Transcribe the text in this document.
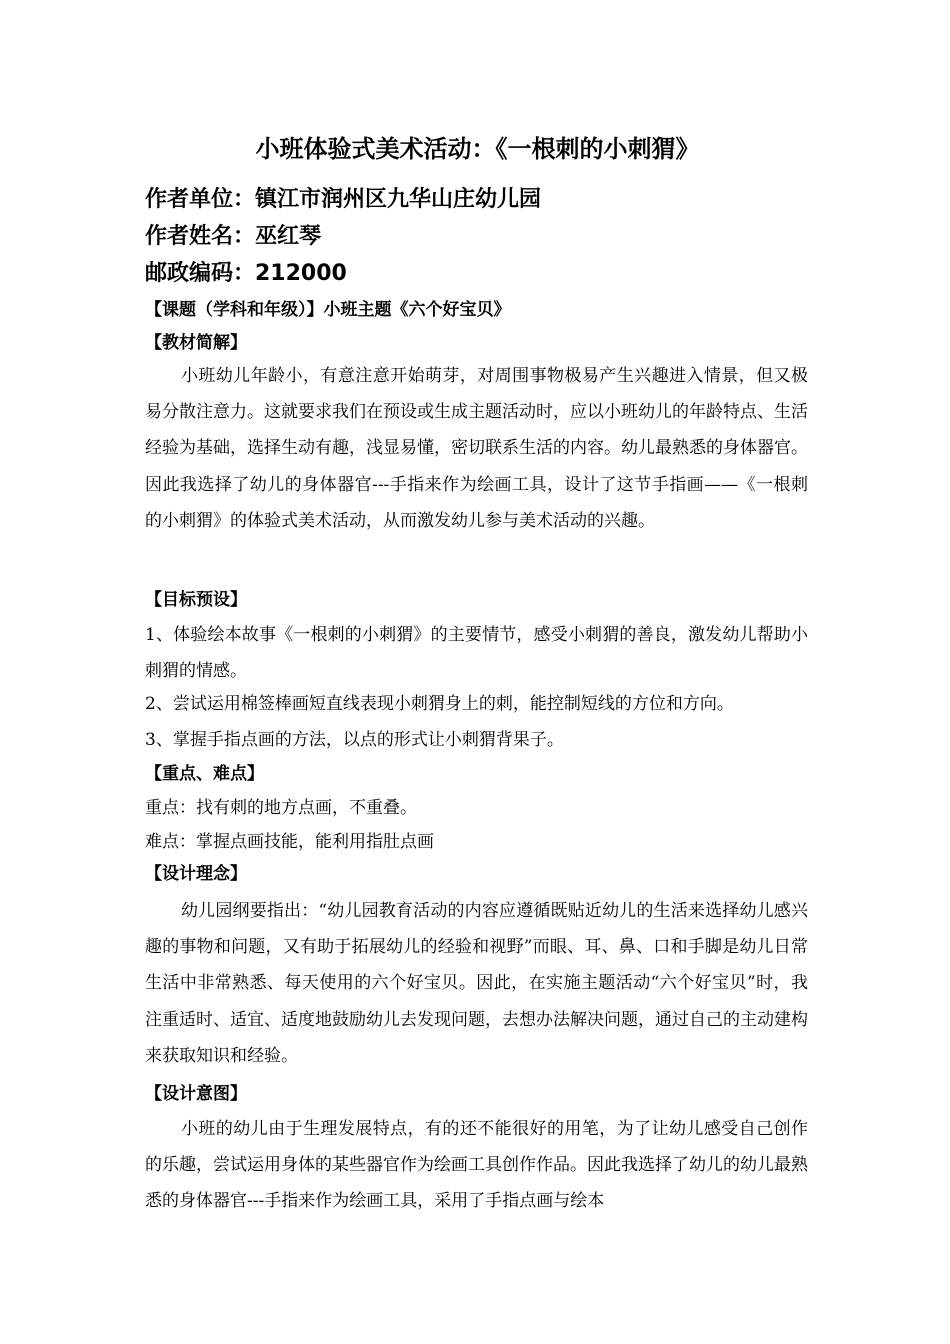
小班体验式美术活动：《一根刺的小刺猬》
作者单位：镇江市润州区九华山庄幼儿园
作者姓名：巫红琴
邮政编码：212000
【课题（学科和年级）】小班主题《六个好宝贝》
【教材简解】
小班幼儿年龄小，有意注意开始萌芽，对周围事物极易产生兴趣进入情景，但又极易分散注意力。这就要求我们在预设或生成主题活动时，应以小班幼儿的年龄特点、生活经验为基础，选择生动有趣，浅显易懂，密切联系生活的内容。幼儿最熟悉的身体器官。因此我选择了幼儿的身体器官---手指来作为绘画工具，设计了这节手指画——《一根刺的小刺猬》的体验式美术活动，从而激发幼儿参与美术活动的兴趣。
【目标预设】
1、体验绘本故事《一根刺的小刺猬》的主要情节，感受小刺猬的善良，激发幼儿帮助小刺猬的情感。
2、尝试运用棉签棒画短直线表现小刺猬身上的刺，能控制短线的方位和方向。
3、掌握手指点画的方法，以点的形式让小刺猬背果子。
【重点、难点】
重点：找有刺的地方点画，不重叠。
难点：掌握点画技能，能利用指肚点画
【设计理念】
幼儿园纲要指出：“幼儿园教育活动的内容应遵循既贴近幼儿的生活来选择幼儿感兴趣的事物和问题，又有助于拓展幼儿的经验和视野”而眼、耳、鼻、口和手脚是幼儿日常生活中非常熟悉、每天使用的六个好宝贝。因此，在实施主题活动“六个好宝贝”时，我注重适时、适宜、适度地鼓励幼儿去发现问题，去想办法解决问题，通过自己的主动建构来获取知识和经验。
【设计意图】
小班的幼儿由于生理发展特点，有的还不能很好的用笔，为了让幼儿感受自己创作的乐趣，尝试运用身体的某些器官作为绘画工具创作作品。因此我选择了幼儿的幼儿最熟悉的身体器官---手指来作为绘画工具，采用了手指点画与绘本
